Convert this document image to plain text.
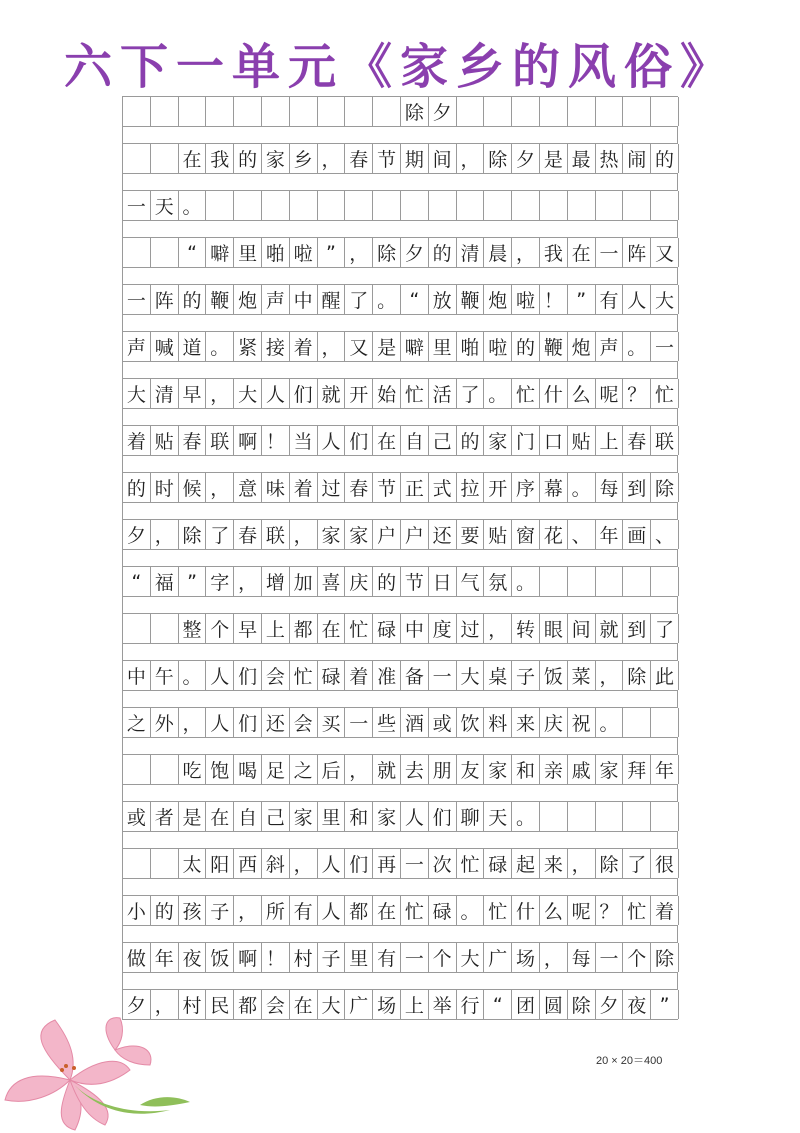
六下一单元《家乡的风俗》
除 夕
在 我 的 家 乡 ， 春 节 期 间 ， 除 夕 是 最 热 闹 的
一 天 。
“ 噼 里 啪 啦 ” ， 除 夕 的 清 晨 ， 我 在 一 阵 又
一 阵 的 鞭 炮 声 中 醒 了 。 “ 放 鞭 炮 啦 ！ ” 有 人 大
声 喊 道 。 紧 接 着 ， 又 是 噼 里 啪 啦 的 鞭 炮 声 。 一
大 清 早 ， 大 人 们 就 开 始 忙 活 了 。 忙 什 么 呢 ？ 忙
着 贴 春 联 啊 ！ 当 人 们 在 自 己 的 家 门 口 贴 上 春 联
的 时 候 ， 意 味 着 过 春 节 正 式 拉 开 序 幕 。 每 到 除
夕 ， 除 了 春 联 ， 家 家 户 户 还 要 贴 窗 花 、 年 画 、
“ 福 ” 字 ， 增 加 喜 庆 的 节 日 气 氛 。
整 个 早 上 都 在 忙 碌 中 度 过 ， 转 眼 间 就 到 了
中 午 。 人 们 会 忙 碌 着 准 备 一 大 桌 子 饭 菜 ， 除 此
之 外 ， 人 们 还 会 买 一 些 酒 或 饮 料 来 庆 祝 。
吃 饱 喝 足 之 后 ， 就 去 朋 友 家 和 亲 戚 家 拜 年
或 者 是 在 自 己 家 里 和 家 人 们 聊 天 。
太 阳 西 斜 ， 人 们 再 一 次 忙 碌 起 来 ， 除 了 很
小 的 孩 子 ， 所 有 人 都 在 忙 碌 。 忙 什 么 呢 ？ 忙 着
做 年 夜 饭 啊 ！ 村 子 里 有 一 个 大 广 场 ， 每 一 个 除
夕 ， 村 民 都 会 在 大 广 场 上 举 行 “ 团 圆 除 夕 夜 ”
20 × 20＝400
